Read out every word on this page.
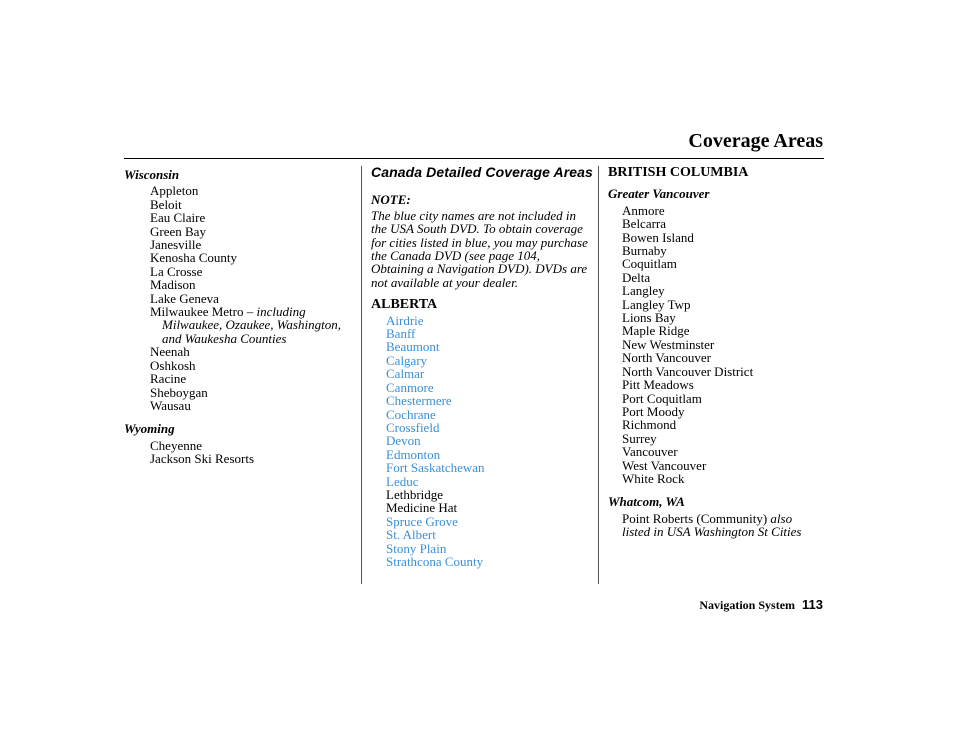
Coverage Areas
Wisconsin
Appleton
Beloit
Eau Claire
Green Bay
Janesville
Kenosha County
La Crosse
Madison
Lake Geneva
Milwaukee Metro – including
Milwaukee, Ozaukee, Washington,
and Waukesha Counties
Neenah
Oshkosh
Racine
Sheboygan
Wausau
Wyoming
Cheyenne
Jackson Ski Resorts
Canada Detailed Coverage Areas
NOTE:
The blue city names are not included in the USA South DVD. To obtain coverage for cities listed in blue, you may purchase the Canada DVD (see page 104, Obtaining a Navigation DVD). DVDs are not available at your dealer.
ALBERTA
Airdrie
Banff
Beaumont
Calgary
Calmar
Canmore
Chestermere
Cochrane
Crossfield
Devon
Edmonton
Fort Saskatchewan
Leduc
Lethbridge
Medicine Hat
Spruce Grove
St. Albert
Stony Plain
Strathcona County
BRITISH COLUMBIA
Greater Vancouver
Anmore
Belcarra
Bowen Island
Burnaby
Coquitlam
Delta
Langley
Langley Twp
Lions Bay
Maple Ridge
New Westminster
North Vancouver
North Vancouver District
Pitt Meadows
Port Coquitlam
Port Moody
Richmond
Surrey
Vancouver
West Vancouver
White Rock
Whatcom, WA
Point Roberts (Community) also
listed in USA Washington St Cities
Navigation System 113
